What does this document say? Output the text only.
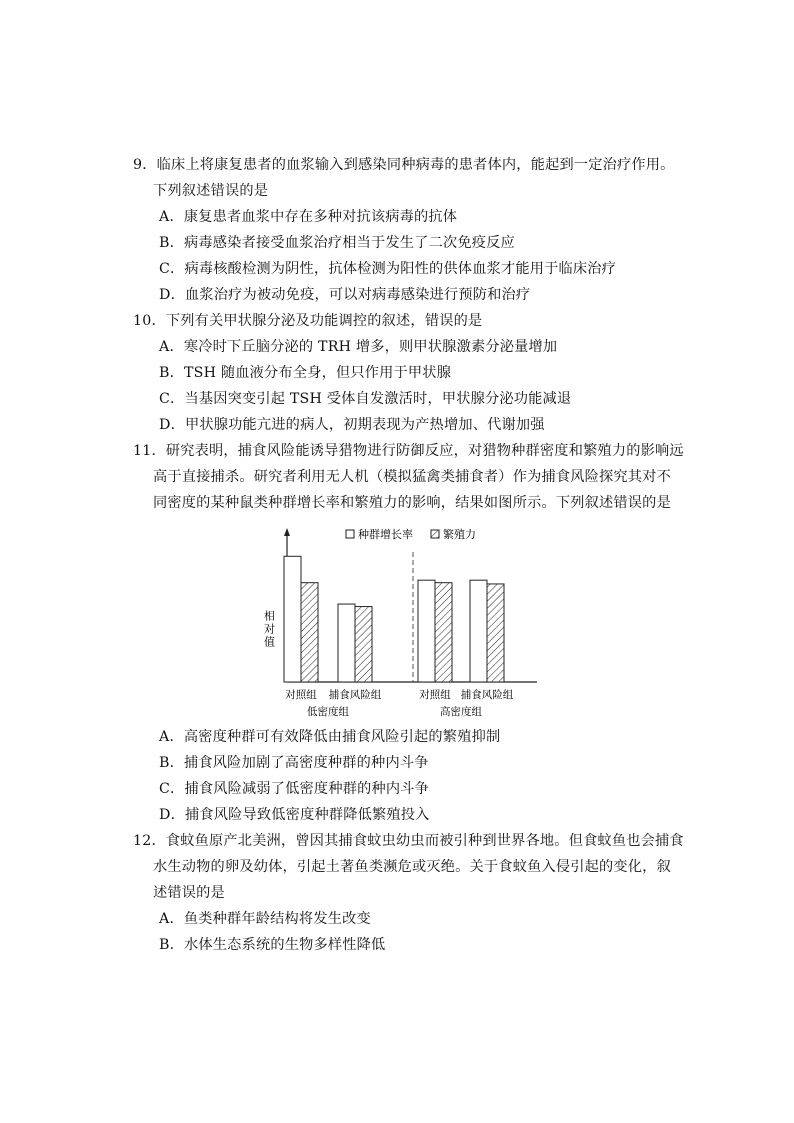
9．临床上将康复患者的血浆输入到感染同种病毒的患者体内，能起到一定治疗作用。
下列叙述错误的是
A．康复患者血浆中存在多种对抗该病毒的抗体
B．病毒感染者接受血浆治疗相当于发生了二次免疫反应
C．病毒核酸检测为阴性，抗体检测为阳性的供体血浆才能用于临床治疗
D．血浆治疗为被动免疫，可以对病毒感染进行预防和治疗
10．下列有关甲状腺分泌及功能调控的叙述，错误的是
A．寒冷时下丘脑分泌的 TRH 增多，则甲状腺激素分泌量增加
B．TSH 随血液分布全身，但只作用于甲状腺
C．当基因突变引起 TSH 受体自发激活时，甲状腺分泌功能减退
D．甲状腺功能亢进的病人，初期表现为产热增加、代谢加强
11．研究表明，捕食风险能诱导猎物进行防御反应，对猎物种群密度和繁殖力的影响远
高于直接捕杀。研究者利用无人机（模拟猛禽类捕食者）作为捕食风险探究其对不
同密度的某种鼠类种群增长率和繁殖力的影响，结果如图所示。下列叙述错误的是
种群增长率	繁殖力
相对值
对照组 捕食风险组	对照组 捕食风险组
低密度组	高密度组
A．高密度种群可有效降低由捕食风险引起的繁殖抑制
B．捕食风险加剧了高密度种群的种内斗争
C．捕食风险减弱了低密度种群的种内斗争
D．捕食风险导致低密度种群降低繁殖投入
12．食蚊鱼原产北美洲，曾因其捕食蚊虫幼虫而被引种到世界各地。但食蚊鱼也会捕食
水生动物的卵及幼体，引起土著鱼类濒危或灭绝。关于食蚊鱼入侵引起的变化，叙
述错误的是
A．鱼类种群年龄结构将发生改变
B．水体生态系统的生物多样性降低
